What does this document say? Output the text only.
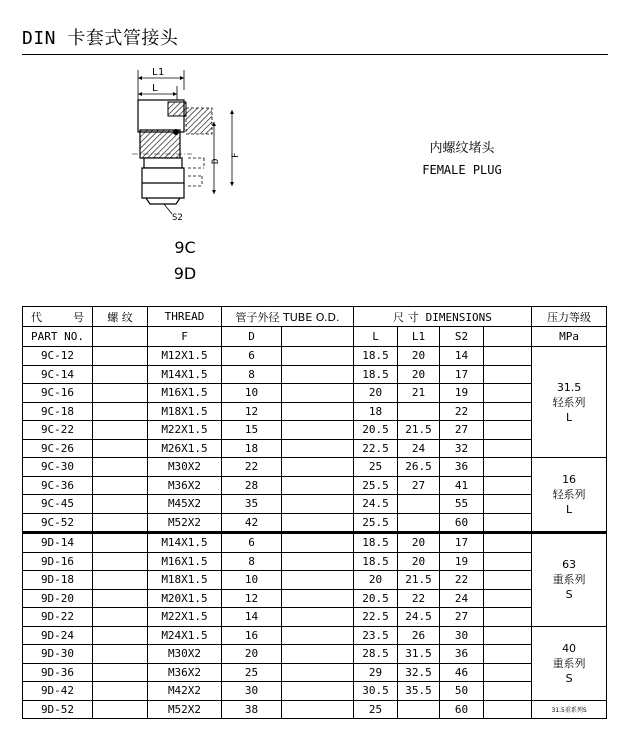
DIN 卡套式管接头
L1
L
D
F
S2
9C
9D
内螺纹堵头
FEMALE PLUG
代 号	螺 纹	THREAD	管子外径 TUBE O.D.		尺 寸 DIMENSIONS				压力等级
PART NO.		F	D		L	L1	S2		MPa
9C-12		M12X1.5	6		18.5	20	14		31.5
轻系列
L

9C-14		M14X1.5	8		18.5	20	17		
9C-16		M16X1.5	10		20	21	19		
9C-18		M18X1.5	12		18		22		
9C-22		M22X1.5	15		20.5	21.5	27		
9C-26		M26X1.5	18		22.5	24	32		
9C-30		M30X2	22		25	26.5	36		16
轻系列
L

9C-36		M36X2	28		25.5	27	41		
9C-45		M45X2	35		24.5		55		
9C-52		M52X2	42		25.5		60		
9D-14		M14X1.5	6		18.5	20	17		63
重系列
S

9D-16		M16X1.5	8		18.5	20	19		
9D-18		M18X1.5	10		20	21.5	22		
9D-20		M20X1.5	12		20.5	22	24		
9D-22		M22X1.5	14		22.5	24.5	27		
9D-24		M24X1.5	16		23.5	26	30		40
重系列
S

9D-30		M30X2	20		28.5	31.5	36		
9D-36		M36X2	25		29	32.5	46		
9D-42		M42X2	30		30.5	35.5	50		
9D-52		M52X2	38		25		60		31.5重系列S
